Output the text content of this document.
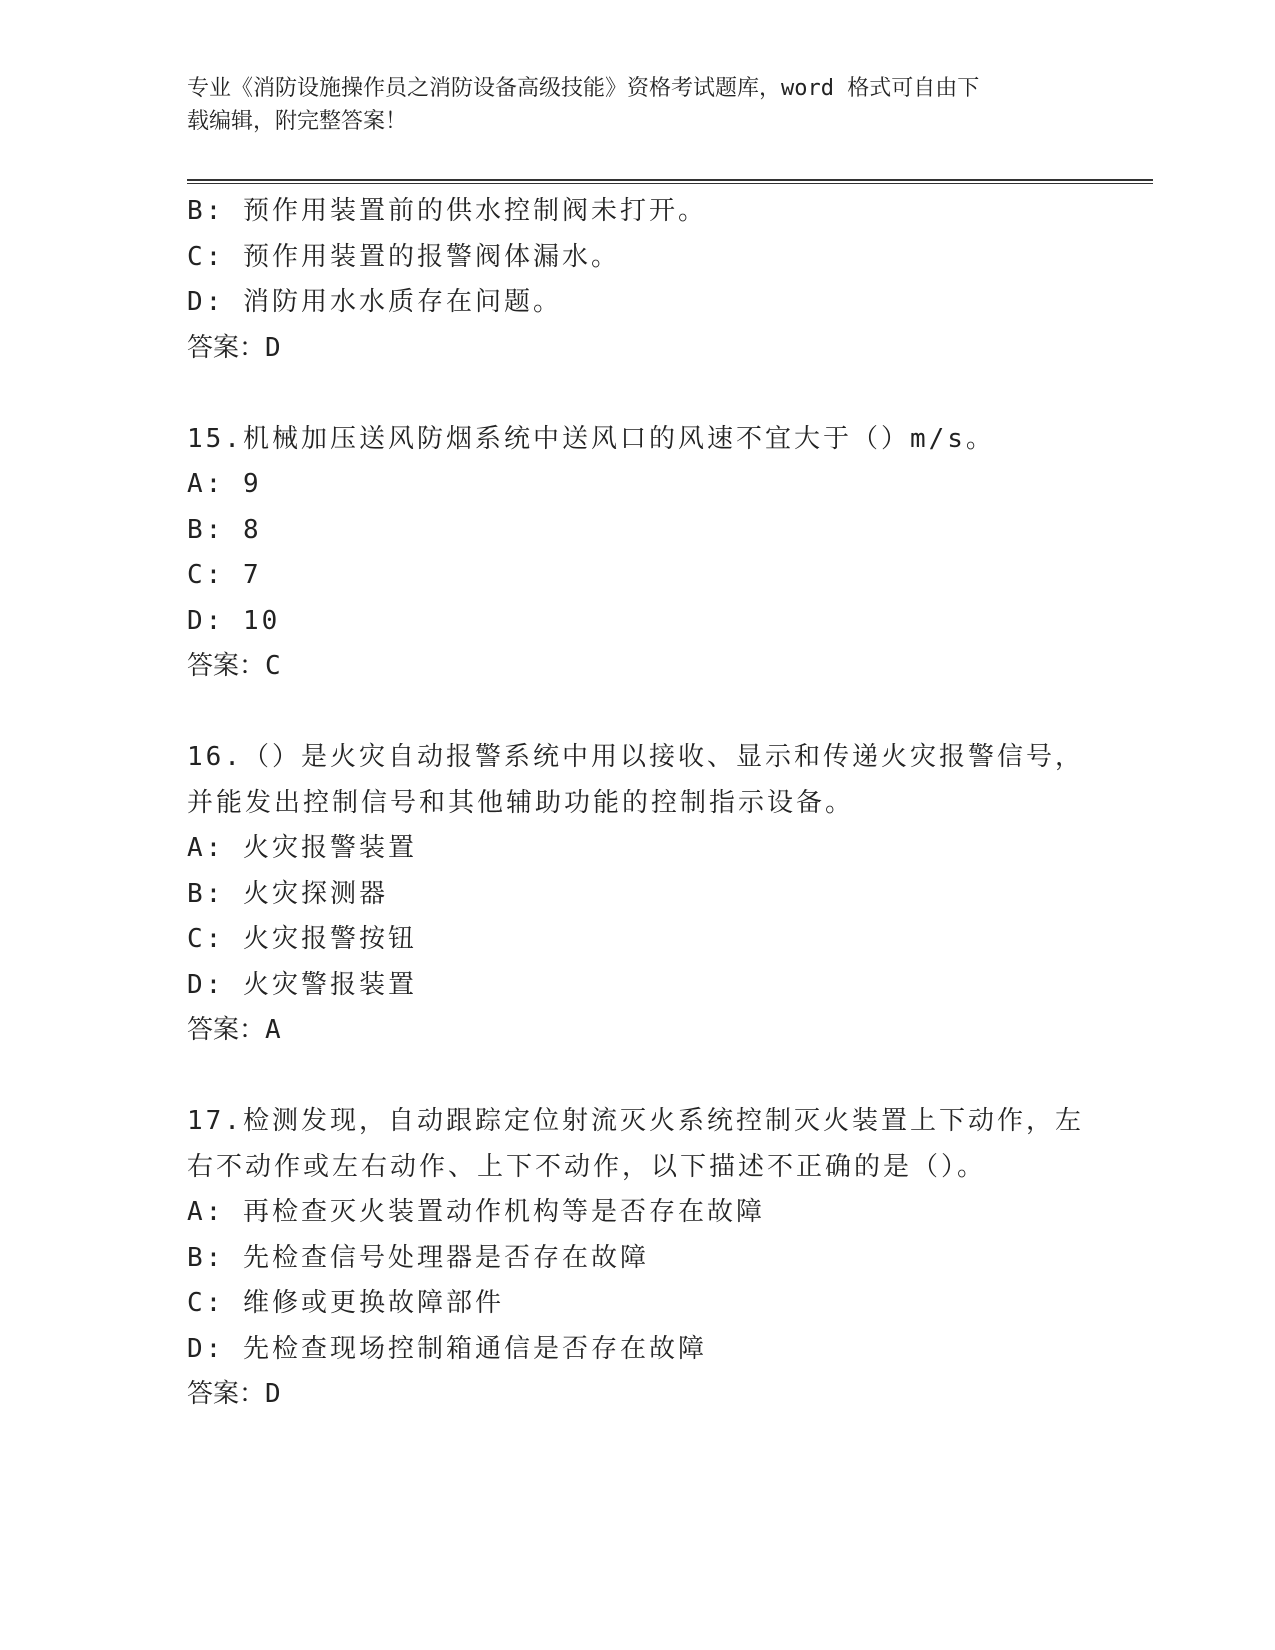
专业《消防设施操作员之消防设备高级技能》资格考试题库，word 格式可自由下
载编辑，附完整答案！
B: 预作用装置前的供水控制阀未打开。
C: 预作用装置的报警阀体漏水。
D: 消防用水水质存在问题。
答案：D
15.机械加压送风防烟系统中送风口的风速不宜大于（）m/s。
A: 9
B: 8
C: 7
D: 10
答案：C
16.（）是火灾自动报警系统中用以接收、显示和传递火灾报警信号，
并能发出控制信号和其他辅助功能的控制指示设备。
A: 火灾报警装置
B: 火灾探测器
C: 火灾报警按钮
D: 火灾警报装置
答案：A
17.检测发现，自动跟踪定位射流灭火系统控制灭火装置上下动作，左
右不动作或左右动作、上下不动作，以下描述不正确的是（）。
A: 再检查灭火装置动作机构等是否存在故障
B: 先检查信号处理器是否存在故障
C: 维修或更换故障部件
D: 先检查现场控制箱通信是否存在故障
答案：D
